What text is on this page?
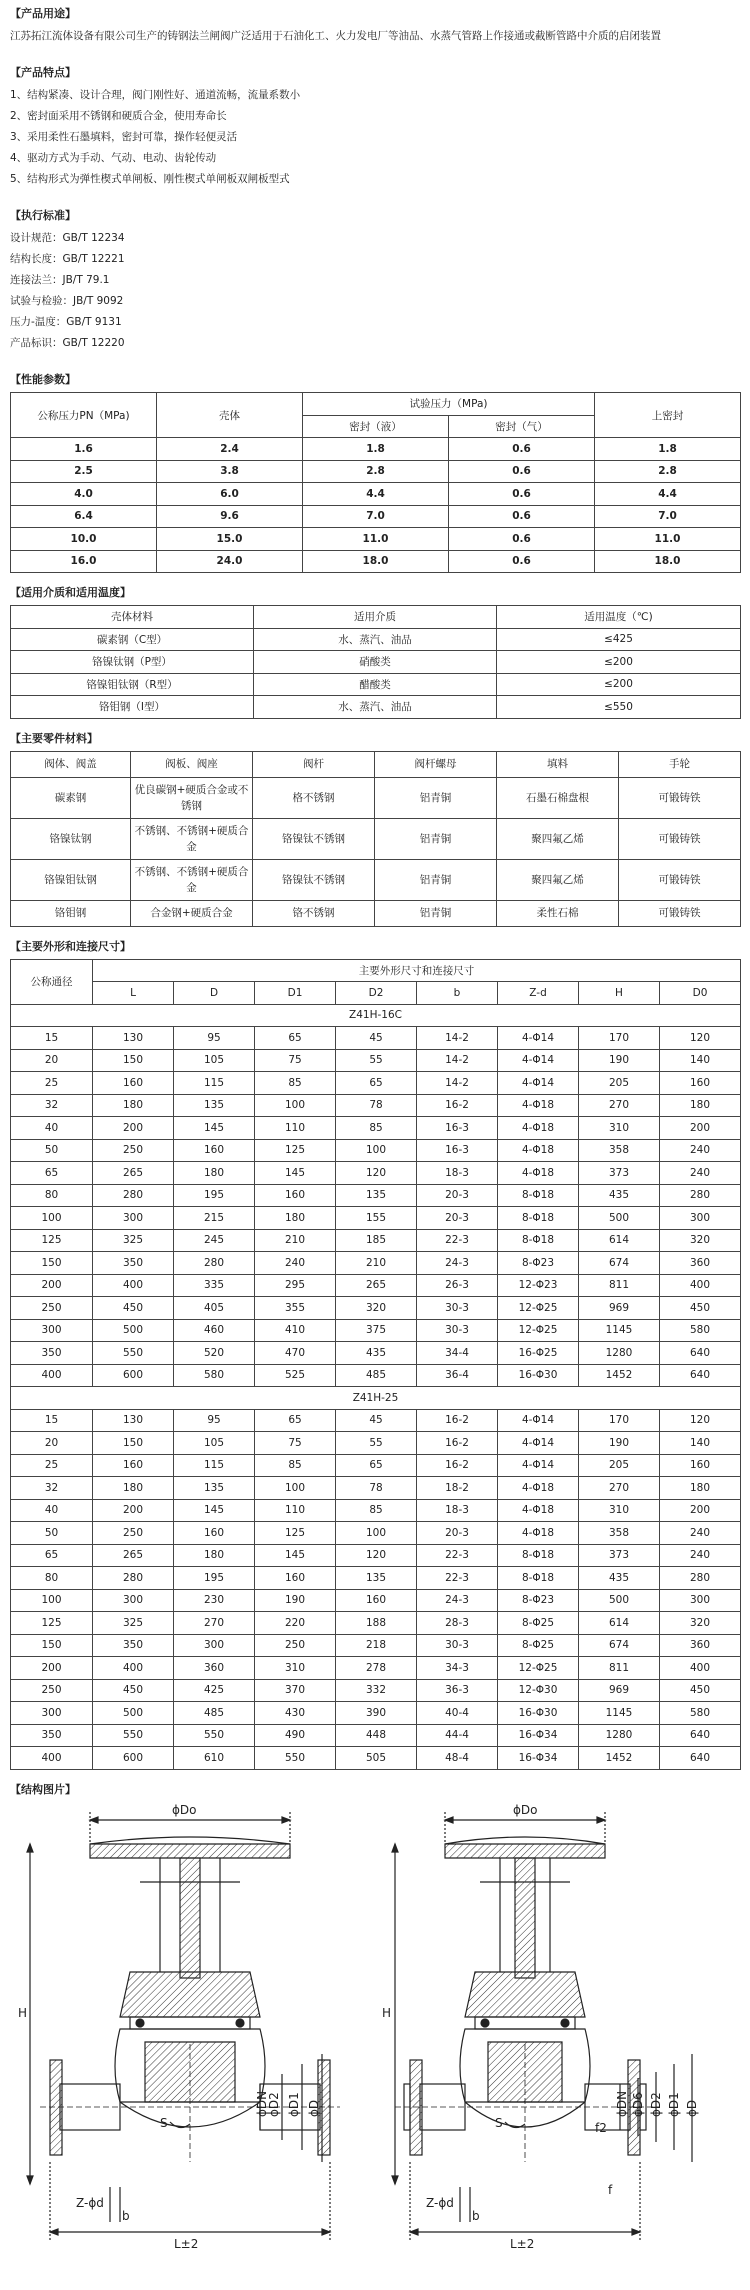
【产品用途】
江苏拓江流体设备有限公司生产的铸钢法兰闸阀广泛适用于石油化工、火力发电厂等油品、水蒸气管路上作接通或截断管路中介质的启闭装置
【产品特点】
1、结构紧凑、设计合理，阀门刚性好、通道流畅，流量系数小
2、密封面采用不锈钢和硬质合金，使用寿命长
3、采用柔性石墨填料，密封可靠，操作轻便灵活
4、驱动方式为手动、气动、电动、齿轮传动
5、结构形式为弹性楔式单闸板、刚性楔式单闸板双闸板型式
【执行标准】
设计规范：GB/T 12234
结构长度：GB/T 12221
连接法兰：JB/T 79.1
试验与检验：JB/T 9092
压力-温度：GB/T 9131
产品标识：GB/T 12220
【性能参数】
公称压力PN（MPa)	壳体	试验压力（MPa)		上密封
		密封（液）	密封（气）	
1.6	2.4	1.8	0.6	1.8
2.5	3.8	2.8	0.6	2.8
4.0	6.0	4.4	0.6	4.4
6.4	9.6	7.0	0.6	7.0
10.0	15.0	11.0	0.6	11.0
16.0	24.0	18.0	0.6	18.0
【适用介质和适用温度】
壳体材料	适用介质	适用温度（℃)
碳素钢（C型）	水、蒸汽、油品	≤425
铬镍钛钢（P型）	硝酸类	≤200
铬镍钼钛钢（R型）	醋酸类	≤200
铬钼钢（I型）	水、蒸汽、油品	≤550
【主要零件材料】
阀体、阀盖	阀板、阀座	阀杆	阀杆螺母	填料	手轮
碳素钢	优良碳钢+硬质合金或不锈钢	格不锈钢	铝青铜	石墨石棉盘根	可锻铸铁
铬镍钛钢	不锈钢、不锈钢+硬质合金	铬镍钛不锈钢	铝青铜	聚四氟乙烯	可锻铸铁
铬镍钼钛钢	不锈钢、不锈钢+硬质合金	铬镍钛不锈钢	铝青铜	聚四氟乙烯	可锻铸铁
铬钼钢	合金钢+硬质合金	铬不锈钢	铝青铜	柔性石棉	可锻铸铁
【主要外形和连接尺寸】
公称通径	主要外形尺寸和连接尺寸							
	L	D	D1	D2	b	Z-d	H	D0
Z41H-16C								
15	130	95	65	45	14-2	4-Φ14	170	120
20	150	105	75	55	14-2	4-Φ14	190	140
25	160	115	85	65	14-2	4-Φ14	205	160
32	180	135	100	78	16-2	4-Φ18	270	180
40	200	145	110	85	16-3	4-Φ18	310	200
50	250	160	125	100	16-3	4-Φ18	358	240
65	265	180	145	120	18-3	4-Φ18	373	240
80	280	195	160	135	20-3	8-Φ18	435	280
100	300	215	180	155	20-3	8-Φ18	500	300
125	325	245	210	185	22-3	8-Φ18	614	320
150	350	280	240	210	24-3	8-Φ23	674	360
200	400	335	295	265	26-3	12-Φ23	811	400
250	450	405	355	320	30-3	12-Φ25	969	450
300	500	460	410	375	30-3	12-Φ25	1145	580
350	550	520	470	435	34-4	16-Φ25	1280	640
400	600	580	525	485	36-4	16-Φ30	1452	640
Z41H-25								
15	130	95	65	45	16-2	4-Φ14	170	120
20	150	105	75	55	16-2	4-Φ14	190	140
25	160	115	85	65	16-2	4-Φ14	205	160
32	180	135	100	78	18-2	4-Φ18	270	180
40	200	145	110	85	18-3	4-Φ18	310	200
50	250	160	125	100	20-3	4-Φ18	358	240
65	265	180	145	120	22-3	8-Φ18	373	240
80	280	195	160	135	22-3	8-Φ18	435	280
100	300	230	190	160	24-3	8-Φ23	500	300
125	325	270	220	188	28-3	8-Φ25	614	320
150	350	300	250	218	30-3	8-Φ25	674	360
200	400	360	310	278	34-3	12-Φ25	811	400
250	450	425	370	332	36-3	12-Φ30	969	450
300	500	485	430	390	40-4	16-Φ30	1145	580
350	550	550	490	448	44-4	16-Φ34	1280	640
400	600	610	550	505	48-4	16-Φ34	1452	640
【结构图片】
ϕDo
H
L±2
Z-ϕd
b
S
ϕDN
ϕD2 ϕD1 ϕD
ϕDo
H
L±2
Z-ϕd
b
S
f
f2
ϕDN ϕD6 ϕD2 ϕD1 ϕD
